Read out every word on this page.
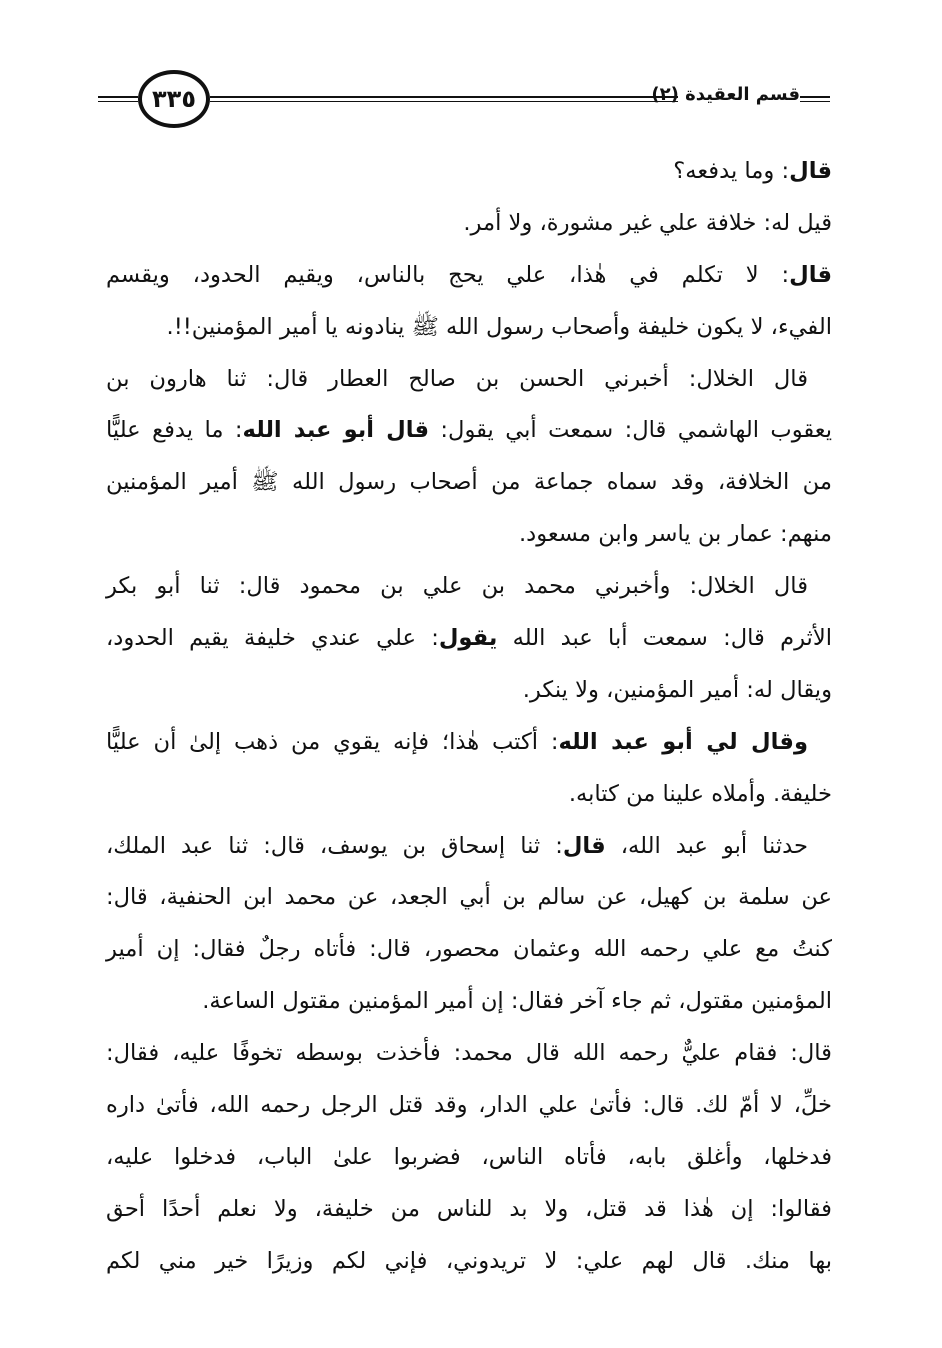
٣٣٥	قسم العقيدة (٢)
قال: وما يدفعه؟
قيل له: خلافة علي غير مشورة، ولا أمر.
قال: لا تكلم في هٰذا، علي يحج بالناس، ويقيم الحدود، ويقسم
الفيء، لا يكون خليفة وأصحاب رسول الله ﷺ ينادونه يا أمير المؤمنين!!.
قال الخلال: أخبرني الحسن بن صالح العطار قال: ثنا هارون بن
يعقوب الهاشمي قال: سمعت أبي يقول: قال أبو عبد الله: ما يدفع عليًّا
من الخلافة، وقد سماه جماعة من أصحاب رسول الله ﷺ أمير المؤمنين
منهم: عمار بن ياسر وابن مسعود.
قال الخلال: وأخبرني محمد بن علي بن محمود قال: ثنا أبو بكر
الأثرم قال: سمعت أبا عبد الله يقول: علي عندي خليفة يقيم الحدود،
ويقال له: أمير المؤمنين، ولا ينكر.
وقال لي أبو عبد الله: أكتب هٰذا؛ فإنه يقوي من ذهب إلىٰ أن عليًّا
خليفة. وأملاه علينا من كتابه.
حدثنا أبو عبد الله، قال: ثنا إسحاق بن يوسف، قال: ثنا عبد الملك،
عن سلمة بن كهيل، عن سالم بن أبي الجعد، عن محمد ابن الحنفية، قال:
كنتُ مع علي رحمه الله وعثمان محصور، قال: فأتاه رجلٌ فقال: إن أمير
المؤمنين مقتول، ثم جاء آخر فقال: إن أمير المؤمنين مقتول الساعة.
قال: فقام عليٌّ رحمه الله قال محمد: فأخذت بوسطه تخوفًا عليه، فقال:
خلِّ، لا أمّ لك. قال: فأتىٰ علي الدار، وقد قتل الرجل رحمه الله، فأتىٰ داره
فدخلها، وأغلق بابه، فأتاه الناس، فضربوا علىٰ الباب، فدخلوا عليه،
فقالوا: إن هٰذا قد قتل، ولا بد للناس من خليفة، ولا نعلم أحدًا أحق
بها منك. قال لهم علي: لا تريدوني، فإني لكم وزيرًا خير مني لكم
